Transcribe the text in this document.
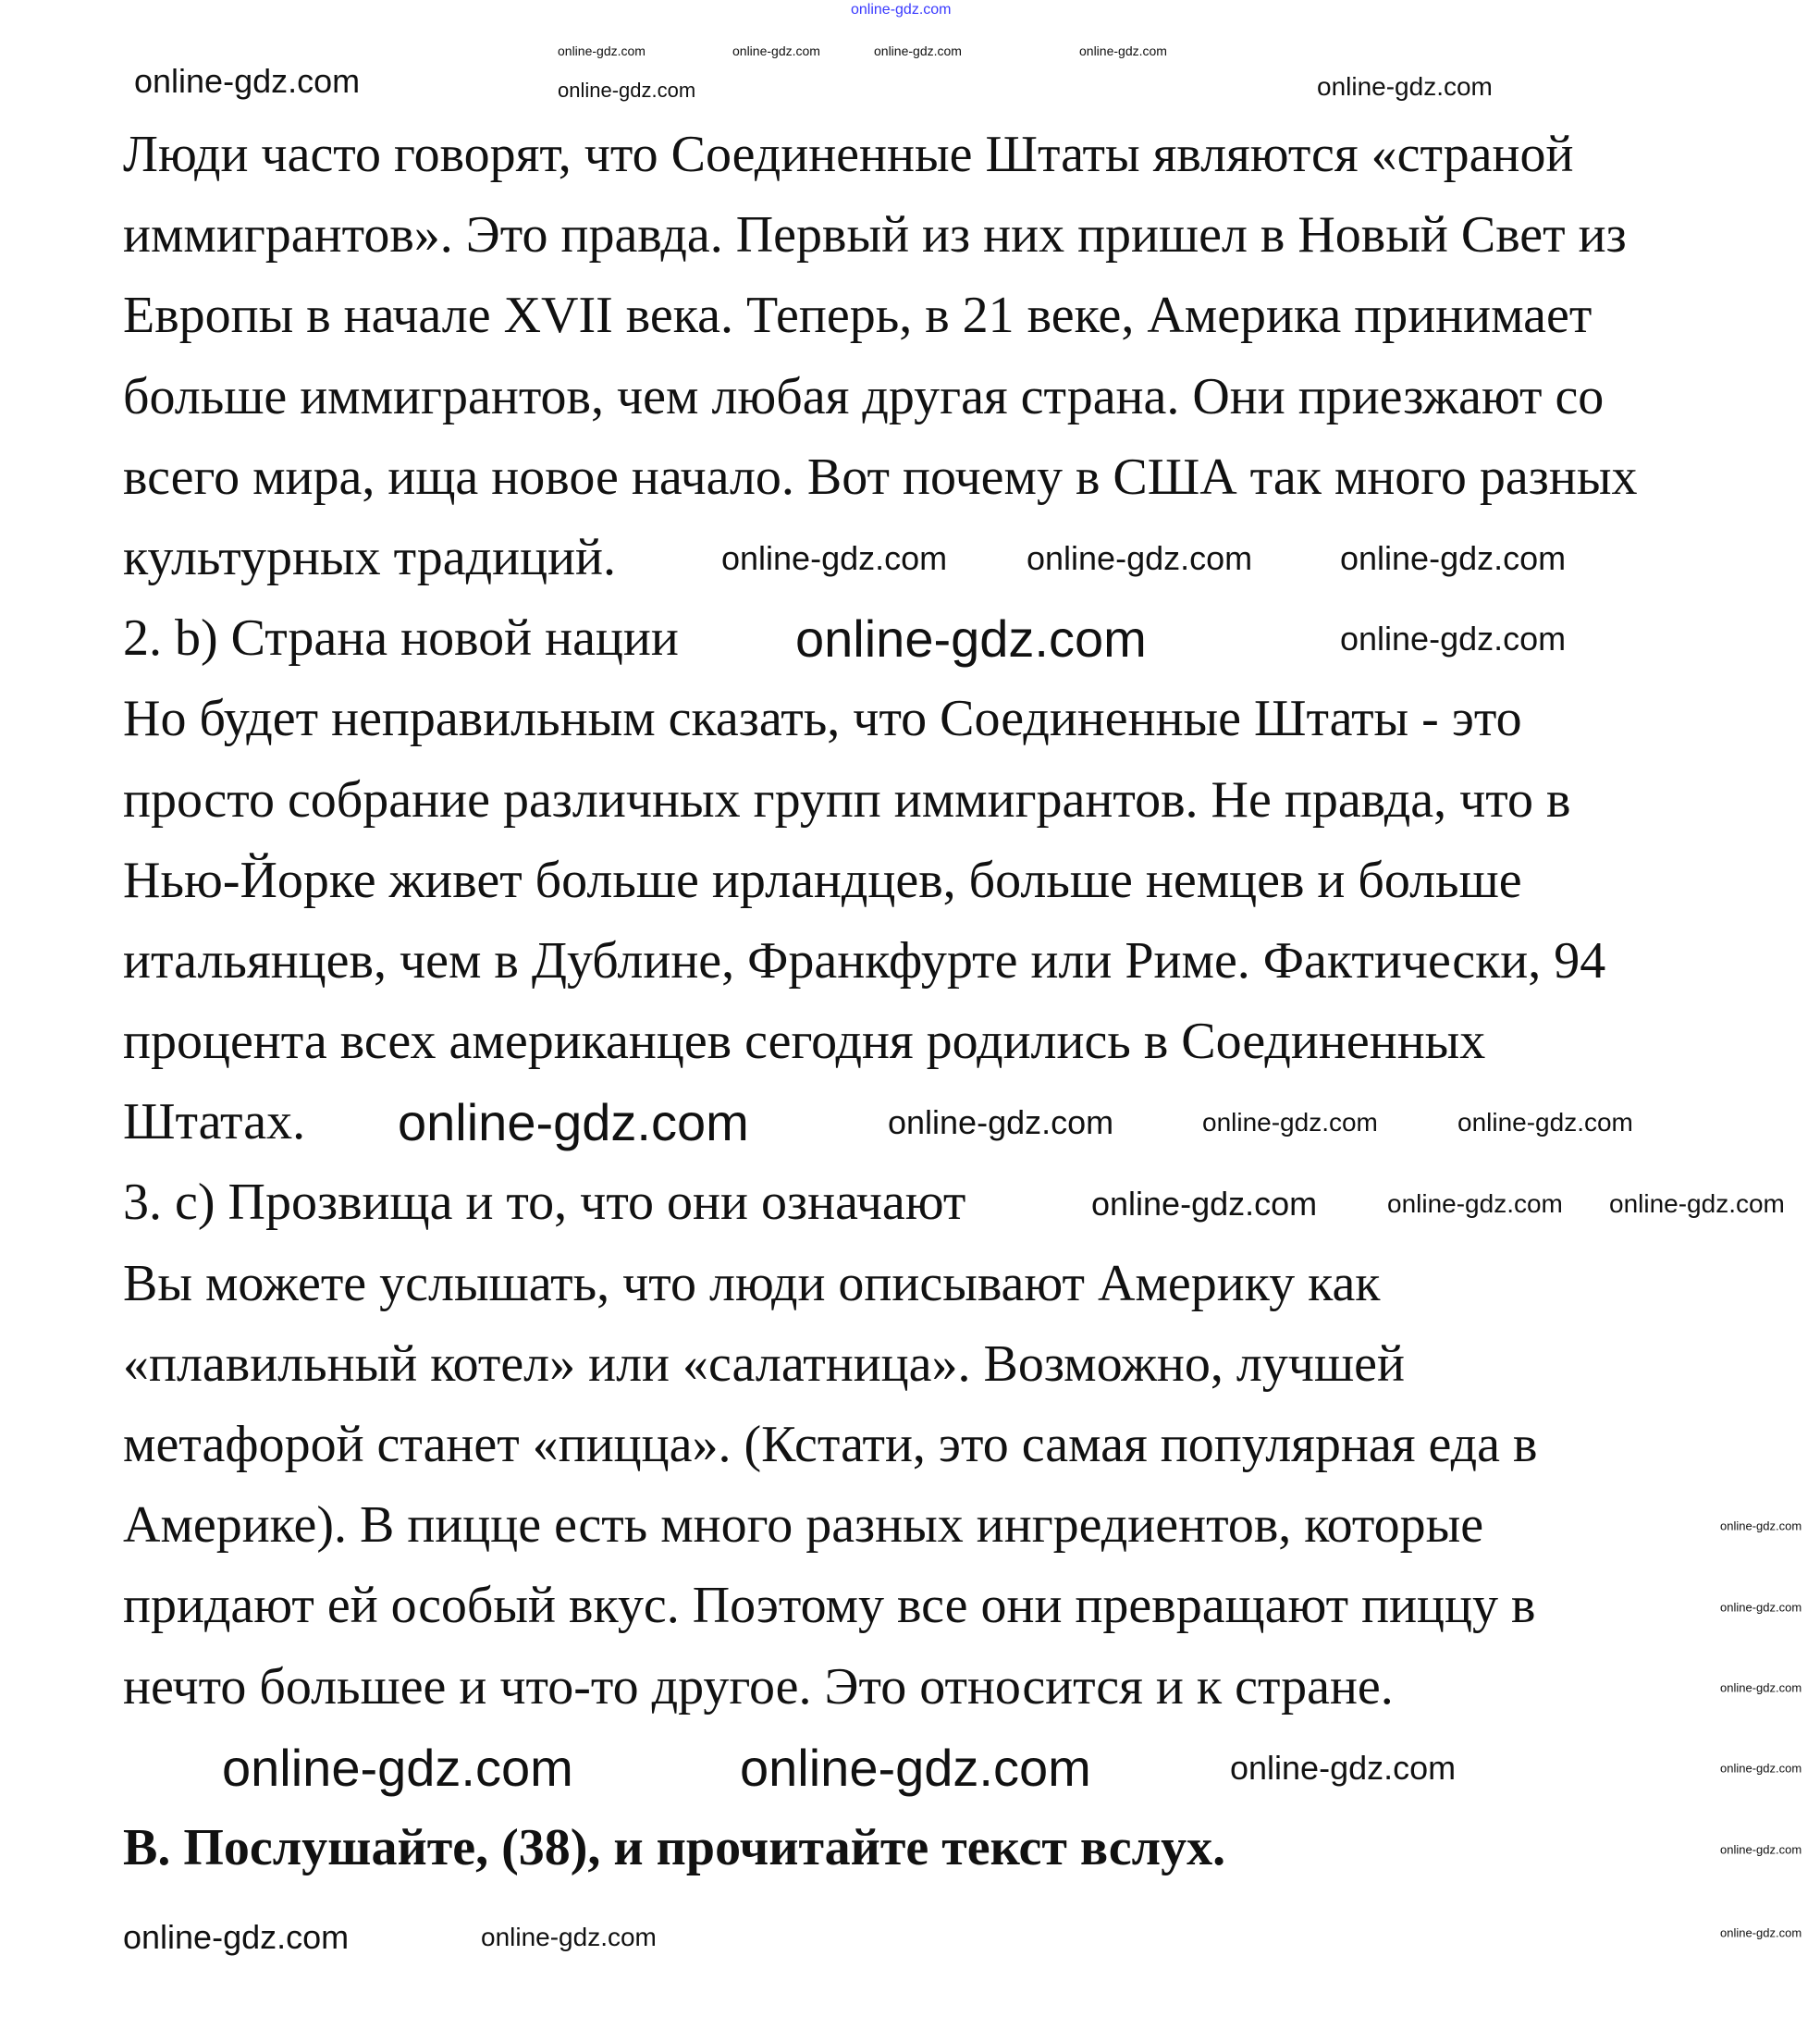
Люди часто говорят, что Соединенные Штаты являются «страной
иммигрантов». Это правда. Первый из них пришел в Новый Свет из
Европы в начале XVII века. Теперь, в 21 веке, Америка принимает
больше иммигрантов, чем любая другая страна. Они приезжают со
всего мира, ища новое начало. Вот почему в США так много разных
культурных традиций.
2. b) Страна новой нации
Но будет неправильным сказать, что Соединенные Штаты - это
просто собрание различных групп иммигрантов. Не правда, что в
Нью-Йорке живет больше ирландцев, больше немцев и больше
итальянцев, чем в Дублине, Франкфурте или Риме. Фактически, 94
процента всех американцев сегодня родились в Соединенных
Штатах.
3. c) Прозвища и то, что они означают
Вы можете услышать, что люди описывают Америку как
«плавильный котел» или «салатница». Возможно, лучшей
метафорой станет «пицца». (Кстати, это самая популярная еда в
Америке). В пицце есть много разных ингредиентов, которые
придают ей особый вкус. Поэтому все они превращают пиццу в
нечто большее и что-то другое. Это относится и к стране.
B. Послушайте, (38), и прочитайте текст вслух.
online-gdz.com
online-gdz.com	online-gdz.com	online-gdz.com	online-gdz.com
online-gdz.com	online-gdz.com	online-gdz.com
online-gdz.com online-gdz.com	online-gdz.com
online-gdz.com	online-gdz.com
online-gdz.com	online-gdz.com	online-gdz.com	online-gdz.com
online-gdz.com	online-gdz.com online-gdz.com
online-gdz.com
online-gdz.com
online-gdz.com
online-gdz.com
online-gdz.com
online-gdz.com
online-gdz.com	online-gdz.com	online-gdz.com
online-gdz.com	online-gdz.com
